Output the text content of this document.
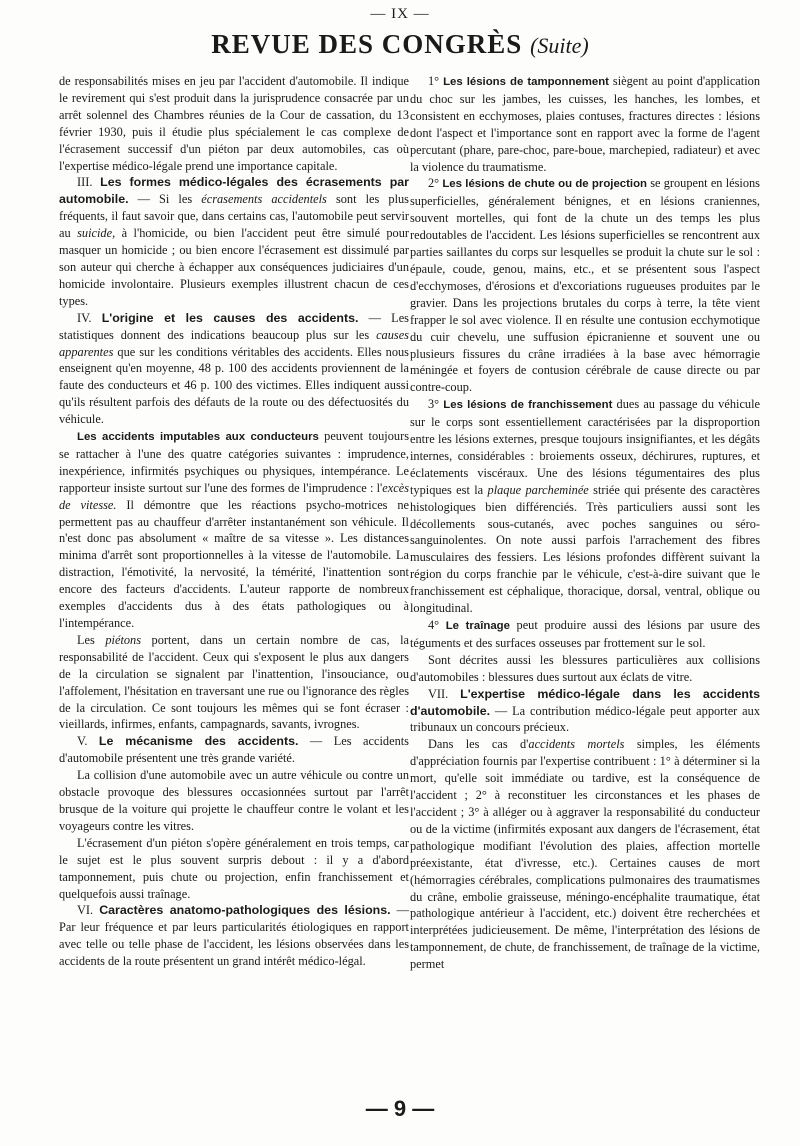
— IX —
REVUE DES CONGRÈS (Suite)

de responsabilités mises en jeu par l'accident d'automobile. Il indique le revirement qui s'est produit dans la jurisprudence consacrée par un arrêt solennel des Chambres réunies de la Cour de cassation, du 13 février 1930, puis il étudie plus spécialement le cas complexe de l'écrasement successif d'un piéton par deux automobiles, cas où l'expertise médico-légale prend une importance capitale.

III. Les formes médico-légales des écrasements par automobile. — Si les écrasements accidentels sont les plus fréquents, il faut savoir que, dans certains cas, l'automobile peut servir au suicide, à l'homicide, ou bien l'accident peut être simulé pour masquer un homicide ; ou bien encore l'écrasement est dissimulé par son auteur qui cherche à échapper aux conséquences judiciaires d'un homicide involontaire. Plusieurs exemples illustrent chacun de ces types.

IV. L'origine et les causes des accidents. — Les statistiques donnent des indications beaucoup plus sur les causes apparentes que sur les conditions véritables des accidents. Elles nous enseignent qu'en moyenne, 48 p. 100 des accidents proviennent de la faute des conducteurs et 46 p. 100 des victimes. Elles indiquent aussi qu'ils résultent parfois des défauts de la route ou des défectuosités du véhicule.

Les accidents imputables aux conducteurs peuvent toujours se rattacher à l'une des quatre catégories suivantes : imprudence, inexpérience, infirmités psychiques ou physiques, intempérance. Le rapporteur insiste surtout sur l'une des formes de l'imprudence : l'excès de vitesse. Il démontre que les réactions psycho-motrices ne permettent pas au chauffeur d'arrêter instantanément son véhicule. Il n'est donc pas absolument « maître de sa vitesse ». Les distances minima d'arrêt sont proportionnelles à la vitesse de l'automobile. La distraction, l'émotivité, la nervosité, la témérité, l'inattention sont encore des facteurs d'accidents. L'auteur rapporte de nombreux exemples d'accidents dus à des états pathologiques ou à l'intempérance.

Les piétons portent, dans un certain nombre de cas, la responsabilité de l'accident. Ceux qui s'exposent le plus aux dangers de la circulation se signalent par l'inattention, l'insouciance, ou l'affolement, l'hésitation en traversant une rue ou l'ignorance des règles de la circulation. Ce sont toujours les mêmes qui se font écraser : vieillards, infirmes, enfants, campagnards, savants, ivrognes.

V. Le mécanisme des accidents. — Les accidents d'automobile présentent une très grande variété.

La collision d'une automobile avec un autre véhicule ou contre un obstacle provoque des blessures occasionnées surtout par l'arrêt brusque de la voiture qui projette le chauffeur contre le volant et les voyageurs contre les vitres.

L'écrasement d'un piéton s'opère généralement en trois temps, car le sujet est le plus souvent surpris debout : il y a d'abord tamponnement, puis chute ou projection, enfin franchissement et quelquefois aussi traînage.

VI. Caractères anatomo-pathologiques des lésions. — Par leur fréquence et par leurs particularités étiologiques en rapport avec telle ou telle phase de l'accident, les lésions observées dans les accidents de la route présentent un grand intérêt médico-légal.

1° Les lésions de tamponnement siègent au point d'application du choc sur les jambes, les cuisses, les hanches, les lombes, et consistent en ecchymoses, plaies contuses, fractures directes : lésions dont l'aspect et l'importance sont en rapport avec la forme de l'agent percutant (phare, pare-choc, pare-boue, marchepied, radiateur) et avec la violence du traumatisme.

2° Les lésions de chute ou de projection se groupent en lésions superficielles, généralement bénignes, et en lésions craniennes, souvent mortelles, qui font de la chute un des temps les plus redoutables de l'accident. Les lésions superficielles se rencontrent aux parties saillantes du corps sur lesquelles se produit la chute sur le sol : épaule, coude, genou, mains, etc., et se présentent sous l'aspect d'ecchymoses, d'érosions et d'excoriations rugueuses produites par le gravier. Dans les projections brutales du corps à terre, la tête vient frapper le sol avec violence. Il en résulte une contusion ecchymotique du cuir chevelu, une suffusion épicranienne et souvent une ou plusieurs fissures du crâne irradiées à la base avec hémorragie méningée et foyers de contusion cérébrale de cause directe ou par contre-coup.

3° Les lésions de franchissement dues au passage du véhicule sur le corps sont essentiellement caractérisées par la disproportion entre les lésions externes, presque toujours insignifiantes, et les dégâts internes, considérables : broiements osseux, déchirures, ruptures, et éclatements viscéraux. Une des lésions tégumentaires des plus typiques est la plaque parcheminée striée qui présente des caractères histologiques bien différenciés. Très particuliers aussi sont les décollements sous-cutanés, avec poches sanguines ou séro-sanguinolentes. On note aussi parfois l'arrachement des fibres musculaires des fessiers. Les lésions profondes diffèrent suivant la région du corps franchie par le véhicule, c'est-à-dire suivant que le franchissement est céphalique, thoracique, dorsal, ventral, oblique ou longitudinal.

4° Le traînage peut produire aussi des lésions par usure des téguments et des surfaces osseuses par frottement sur le sol.

Sont décrites aussi les blessures particulières aux collisions d'automobiles : blessures dues surtout aux éclats de vitre.

VII. L'expertise médico-légale dans les accidents d'automobile. — La contribution médico-légale peut apporter aux tribunaux un concours précieux.

Dans les cas d'accidents mortels simples, les éléments d'appréciation fournis par l'expertise contribuent : 1° à déterminer si la mort, qu'elle soit immédiate ou tardive, est la conséquence de l'accident ; 2° à reconstituer les circonstances et les phases de l'accident ; 3° à alléger ou à aggraver la responsabilité du conducteur ou de la victime (infirmités exposant aux dangers de l'écrasement, état pathologique modifiant l'évolution des plaies, affection mortelle préexistante, état d'ivresse, etc.). Certaines causes de mort (hémorragies cérébrales, complications pulmonaires des traumatismes du crâne, embolie graisseuse, méningo-encéphalite traumatique, état pathologique antérieur à l'accident, etc.) doivent être recherchées et interprétées judicieusement. De même, l'interprétation des lésions de tamponnement, de chute, de franchissement, de traînage de la victime, permet

— 9 —
